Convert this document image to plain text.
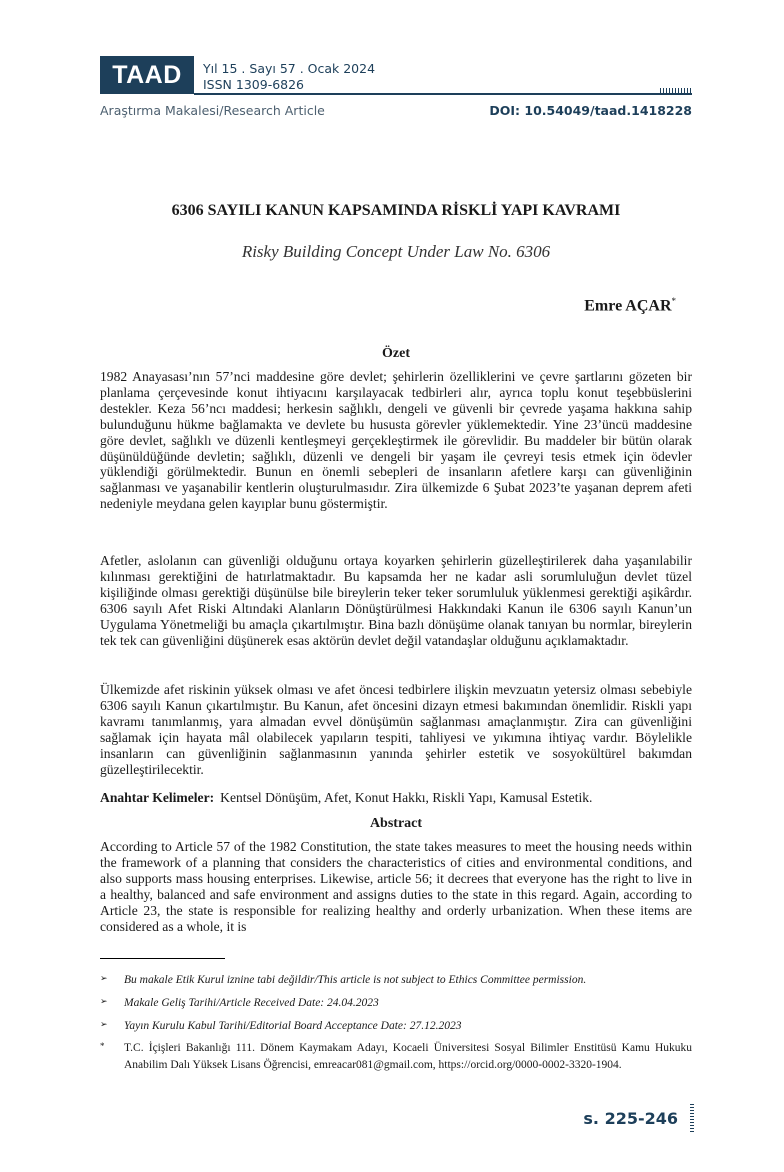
TAAD	Yıl 15 . Sayı 57 . Ocak 2024
ISSN 1309-6826
Araştırma Makalesi/Research Article	DOI: 10.54049/taad.1418228
6306 SAYILI KANUN KAPSAMINDA RİSKLİ YAPI KAVRAMI
Risky Building Concept Under Law No. 6306
Emre AÇAR*
Özet

1982 Anayasası’nın 57’nci maddesine göre devlet; şehirlerin özelliklerini ve çevre şartlarını gözeten bir planlama çerçevesinde konut ihtiyacını karşılayacak tedbirleri alır, ayrıca toplu konut teşebbüslerini destekler. Keza 56’ncı maddesi; herkesin sağlıklı, dengeli ve güvenli bir çevrede yaşama hakkına sahip bulunduğunu hükme bağlamakta ve devlete bu hususta görevler yüklemektedir. Yine 23’üncü maddesine göre devlet, sağlıklı ve düzenli kentleşmeyi gerçekleştirmek ile görevlidir. Bu maddeler bir bütün olarak düşünüldüğünde devletin; sağlıklı, düzenli ve dengeli bir yaşam ile çevreyi tesis etmek için ödevler yüklendiği görülmektedir. Bunun en önemli sebepleri de insanların afetlere karşı can güvenliğinin sağlanması ve yaşanabilir kentlerin oluşturulmasıdır. Zira ülkemizde 6 Şubat 2023’te yaşanan deprem afeti nedeniyle meydana gelen kayıplar bunu göstermiştir.

Afetler, aslolanın can güvenliği olduğunu ortaya koyarken şehirlerin güzelleştirilerek daha yaşanılabilir kılınması gerektiğini de hatırlatmaktadır. Bu kapsamda her ne kadar asli sorumluluğun devlet tüzel kişiliğinde olması gerektiği düşünülse bile bireylerin teker teker sorumluluk yüklenmesi gerektiği aşikârdır. 6306 sayılı Afet Riski Altındaki Alanların Dönüştürülmesi Hakkındaki Kanun ile 6306 sayılı Kanun’un Uygulama Yönetmeliği bu amaçla çıkartılmıştır. Bina bazlı dönüşüme olanak tanıyan bu normlar, bireylerin tek tek can güvenliğini düşünerek esas aktörün devlet değil vatandaşlar olduğunu açıklamaktadır.

Ülkemizde afet riskinin yüksek olması ve afet öncesi tedbirlere ilişkin mevzuatın yetersiz olması sebebiyle 6306 sayılı Kanun çıkartılmıştır. Bu Kanun, afet öncesini dizayn etmesi bakımından önemlidir. Riskli yapı kavramı tanımlanmış, yara almadan evvel dönüşümün sağlanması amaçlanmıştır. Zira can güvenliğini sağlamak için hayata mâl olabilecek yapıların tespiti, tahliyesi ve yıkımına ihtiyaç vardır. Böylelikle insanların can güvenliğinin sağlanmasının yanında şehirler estetik ve sosyokültürel bakımdan güzelleştirilecektir.

Anahtar Kelimeler: Kentsel Dönüşüm, Afet, Konut Hakkı, Riskli Yapı, Kamusal Estetik.
Abstract

According to Article 57 of the 1982 Constitution, the state takes measures to meet the housing needs within the framework of a planning that considers the characteristics of cities and environmental conditions, and also supports mass housing enterprises. Likewise, article 56; it decrees that everyone has the right to live in a healthy, balanced and safe environment and assigns duties to the state in this regard. Again, according to Article 23, the state is responsible for realizing healthy and orderly urbanization. When these items are considered as a whole, it is

➢ Bu makale Etik Kurul iznine tabi değildir/This article is not subject to Ethics Committee permission.
➢ Makale Geliş Tarihi/Article Received Date: 24.04.2023
➢ Yayın Kurulu Kabul Tarihi/Editorial Board Acceptance Date: 27.12.2023
* T.C. İçişleri Bakanlığı 111. Dönem Kaymakam Adayı, Kocaeli Üniversitesi Sosyal Bilimler Enstitüsü Kamu Hukuku Anabilim Dalı Yüksek Lisans Öğrencisi, emreacar081@gmail.com, https://orcid.org/0000-0002-3320-1904.
s. 225-246
